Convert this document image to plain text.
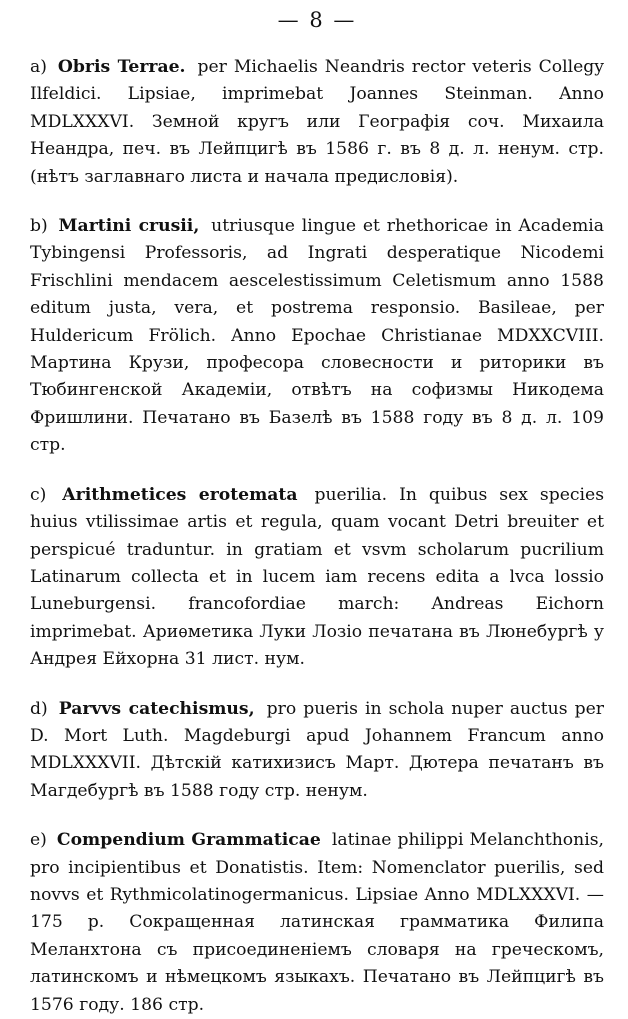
— 8 —

a) Obris Terrae. per Michaelis Neandris rector veteris Collegy Ilfeldici. Lipsiae, imprimebat Joannes Steinman. Anno MDLXXXVI. Земной кругъ или Географія соч. Михаила Неандра, печ. въ Лейпцигѣ въ 1586 г. въ 8 д. л. ненум. стр. (нѣтъ заглавнаго листа и начала предисловія).

b) Martini crusii, utriusque lingue et rhethoricae in Academia Tybingensi Professoris, ad Ingrati desperatique Nicodemi Frischlini mendacem aescelestissimum Celetismum anno 1588 editum justa, vera, et postrema responsio. Basileae, per Huldericum Frölich. Anno Epochae Christianae MDXXCVIII. Мартина Крузи, професора словесности и риторики въ Тюбингенской Академіи, отвѣтъ на софизмы Никодема Фришлини. Печатано въ Базелѣ въ 1588 году въ 8 д. л. 109 стр.

c) Arithmetices erotemata puerilia. In quibus sex species huius vtilissimae artis et regula, quam vocant Detri breuiter et perspicué traduntur. in gratiam et vsvm scholarum pucrilium Latinarum collecta et in lucem iam recens edita a lvca lossio Luneburgensi. francofordiae march: Andreas Eichorn imprimebat. Ариѳметика Луки Лозіо печатана въ Люнебургѣ у Андрея Ейхорна 31 лист. нум.

d) Parvvs catechismus, pro pueris in schola nuper auctus per D. Mort Luth. Magdeburgi apud Johannem Francum anno MDLXXXVII. Дѣтскій катихизисъ Март. Дютера печатанъ въ Магдебургѣ въ 1588 году стр. ненум.

e) Compendium Grammaticae latinae philippi Melanchthonis, pro incipientibus et Donatistis. Item: Nomenclator puerilis, sed novvs et Rythmicolatinogermanicus. Lipsiae Anno MDLXXXVI. — 175 p. Сокращенная латинская грамматика Филипа Меланхтона съ присоединеніемъ словаря на греческомъ, латинскомъ и нѣмецкомъ языкахъ. Печатано въ Лейпцигѣ въ 1576 году. 186 стр.
